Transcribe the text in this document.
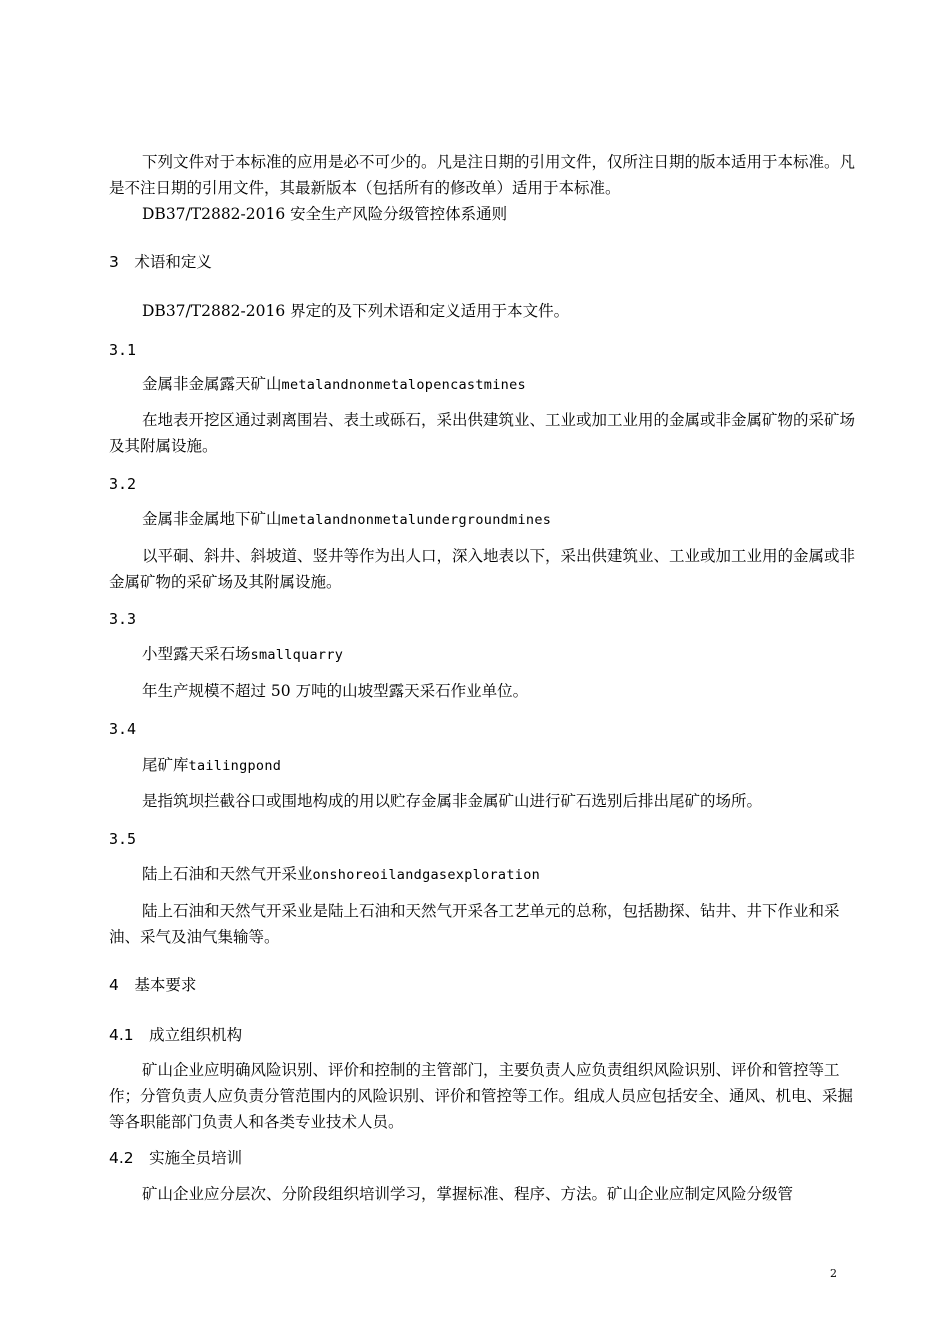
下列文件对于本标准的应用是必不可少的。凡是注日期的引用文件，仅所注日期的版本适用于本标准。凡是不注日期的引用文件，其最新版本（包括所有的修改单）适用于本标准。

DB37/T2882-2016 安全生产风险分级管控体系通则

3　术语和定义

DB37/T2882-2016 界定的及下列术语和定义适用于本文件。

3.1
金属非金属露天矿山metalandnonmetalopencastmines

在地表开挖区通过剥离围岩、表土或砾石，采出供建筑业、工业或加工业用的金属或非金属矿物的采矿场及其附属设施。

3.2
金属非金属地下矿山metalandnonmetalundergroundmines

以平硐、斜井、斜坡道、竖井等作为出人口，深入地表以下，采出供建筑业、工业或加工业用的金属或非金属矿物的采矿场及其附属设施。

3.3
小型露天采石场smallquarry

年生产规模不超过 50 万吨的山坡型露天采石作业单位。

3.4
尾矿库tailingpond

是指筑坝拦截谷口或围地构成的用以贮存金属非金属矿山进行矿石选别后排出尾矿的场所。

3.5
陆上石油和天然气开采业onshoreoilandgasexploration

陆上石油和天然气开采业是陆上石油和天然气开采各工艺单元的总称，包括勘探、钻井、井下作业和采油、采气及油气集输等。

4　基本要求
4.1　成立组织机构

矿山企业应明确风险识别、评价和控制的主管部门，主要负责人应负责组织风险识别、评价和管控等工作；分管负责人应负责分管范围内的风险识别、评价和管控等工作。组成人员应包括安全、通风、机电、采掘等各职能部门负责人和各类专业技术人员。

4.2　实施全员培训

矿山企业应分层次、分阶段组织培训学习，掌握标准、程序、方法。矿山企业应制定风险分级管

2
